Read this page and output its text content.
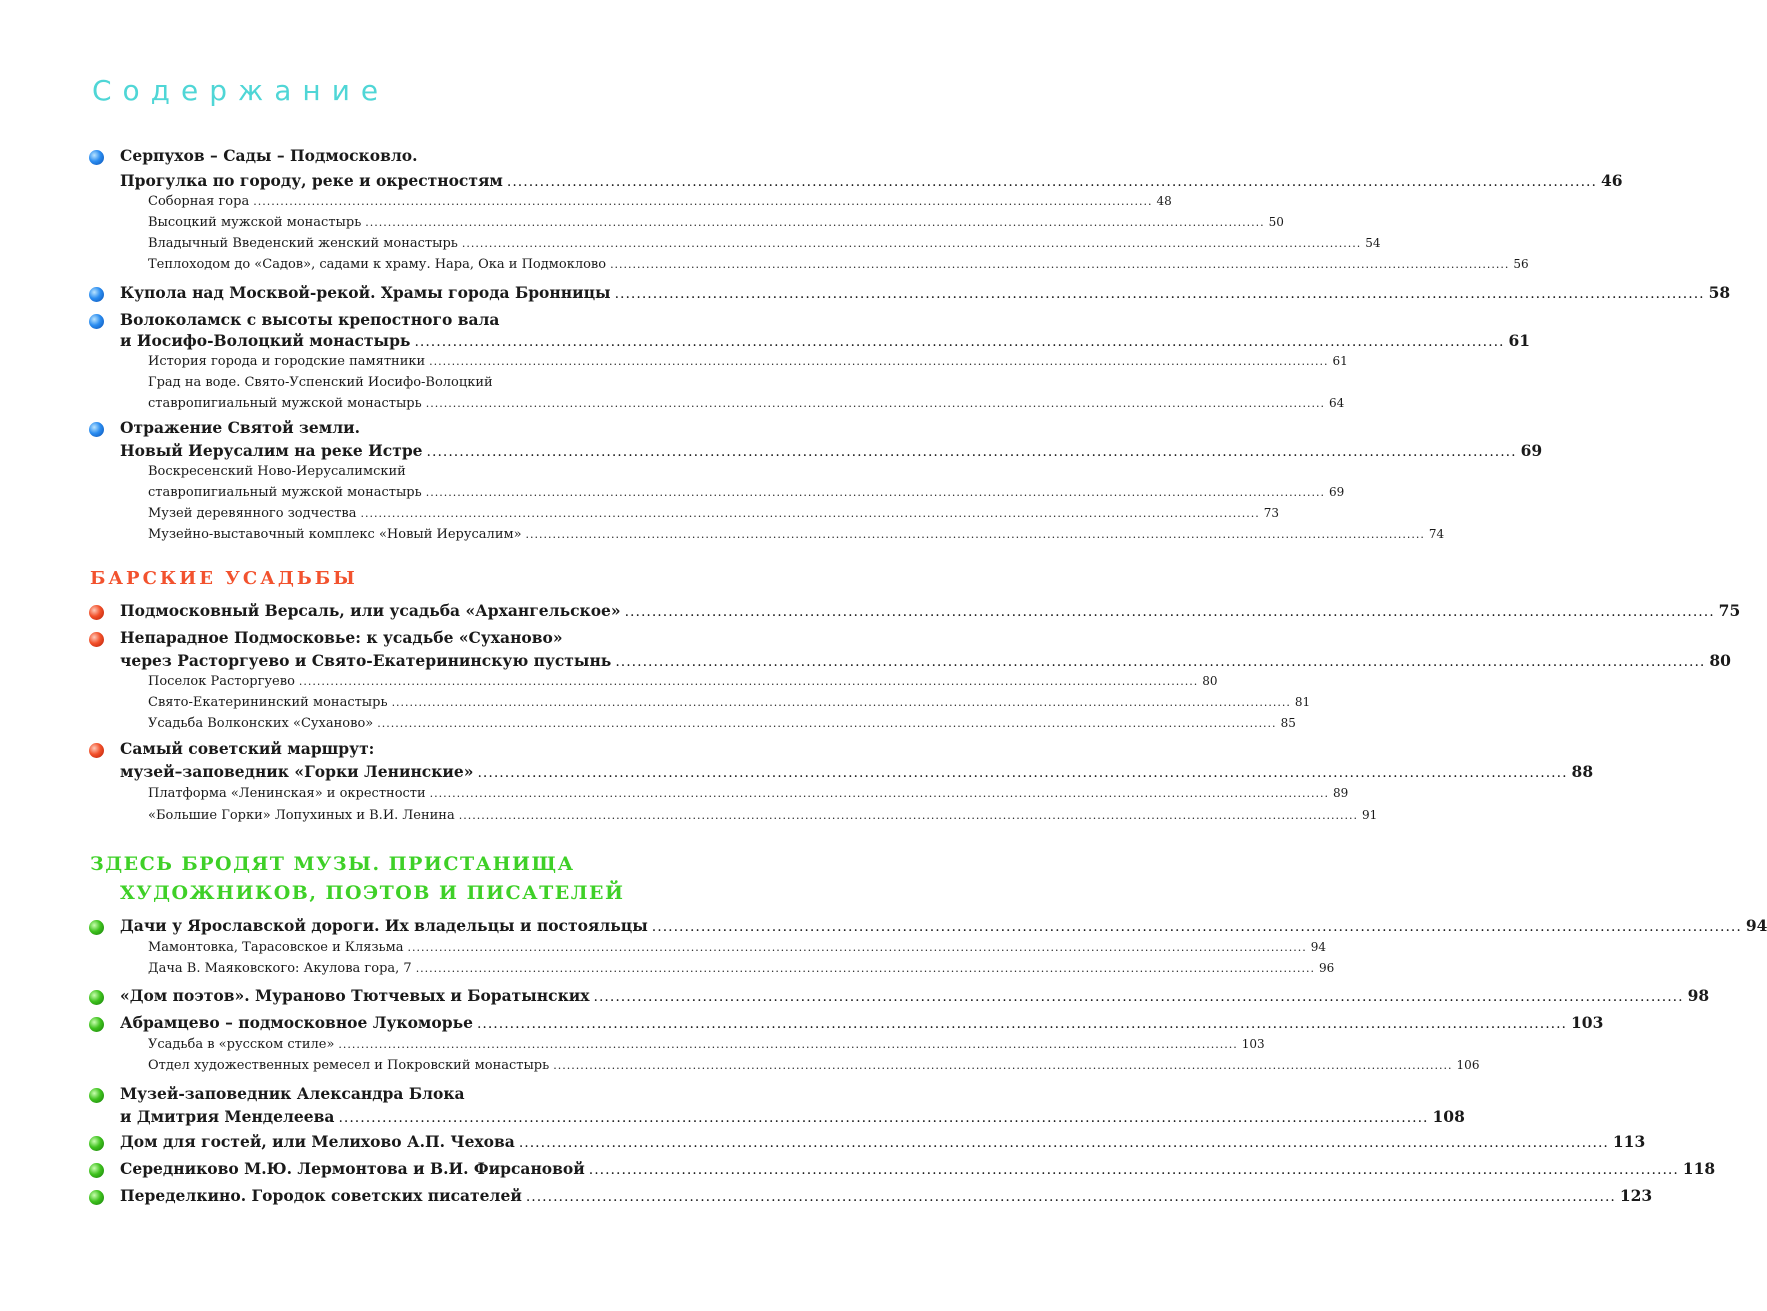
Содержание
Серпухов – Сады – Подмосковло.
Прогулка по городу, реке и окрестностям ........................................................................................................................................................................................................ 46
Соборная гора ........................................................................................................................................................................................................ 48
Высоцкий мужской монастырь ........................................................................................................................................................................................................ 50
Владычный Введенский женский монастырь ........................................................................................................................................................................................................ 54
Теплоходом до «Садов», садами к храму. Нара, Ока и Подмоклово ........................................................................................................................................................................................................ 56
Купола над Москвой-рекой. Храмы города Бронницы ........................................................................................................................................................................................................ 58
Волоколамск с высоты крепостного вала
и Иосифо-Волоцкий монастырь ........................................................................................................................................................................................................ 61
История города и городские памятники ........................................................................................................................................................................................................ 61
Град на воде. Свято-Успенский Иосифо-Волоцкий
ставропигиальный мужской монастырь ........................................................................................................................................................................................................ 64
Отражение Святой земли.
Новый Иерусалим на реке Истре ........................................................................................................................................................................................................ 69
Воскресенский Ново-Иерусалимский
ставропигиальный мужской монастырь ........................................................................................................................................................................................................ 69
Музей деревянного зодчества ........................................................................................................................................................................................................ 73
Музейно-выставочный комплекс «Новый Иерусалим» ........................................................................................................................................................................................................ 74
БАРСКИЕ УСАДЬБЫ
Подмосковный Версаль, или усадьба «Архангельское» ........................................................................................................................................................................................................ 75
Непарадное Подмосковье: к усадьбе «Суханово»
через Расторгуево и Свято-Екатерининскую пустынь ........................................................................................................................................................................................................ 80
Поселок Расторгуево ........................................................................................................................................................................................................ 80
Свято-Екатерининский монастырь ........................................................................................................................................................................................................ 81
Усадьба Волконских «Суханово» ........................................................................................................................................................................................................ 85
Самый советский маршрут:
музей–заповедник «Горки Ленинские» ........................................................................................................................................................................................................ 88
Платформа «Ленинская» и окрестности ........................................................................................................................................................................................................ 89
«Большие Горки» Лопухиных и В.И. Ленина ........................................................................................................................................................................................................ 91
ЗДЕСЬ БРОДЯТ МУЗЫ. ПРИСТАНИЩА
ХУДОЖНИКОВ, ПОЭТОВ И ПИСАТЕЛЕЙ
Дачи у Ярославской дороги. Их владельцы и постояльцы ........................................................................................................................................................................................................ 94
Мамонтовка, Тарасовское и Клязьма ........................................................................................................................................................................................................ 94
Дача В. Маяковского: Акулова гора, 7 ........................................................................................................................................................................................................ 96
«Дом поэтов». Мураново Тютчевых и Боратынских ........................................................................................................................................................................................................ 98
Абрамцево – подмосковное Лукоморье ........................................................................................................................................................................................................ 103
Усадьба в «русском стиле» ........................................................................................................................................................................................................ 103
Отдел художественных ремесел и Покровский монастырь ........................................................................................................................................................................................................ 106
Музей-заповедник Александра Блока
и Дмитрия Менделеева ........................................................................................................................................................................................................ 108
Дом для гостей, или Мелихово А.П. Чехова ........................................................................................................................................................................................................ 113
Середниково М.Ю. Лермонтова и В.И. Фирсановой ........................................................................................................................................................................................................ 118
Переделкино. Городок советских писателей ........................................................................................................................................................................................................ 123
